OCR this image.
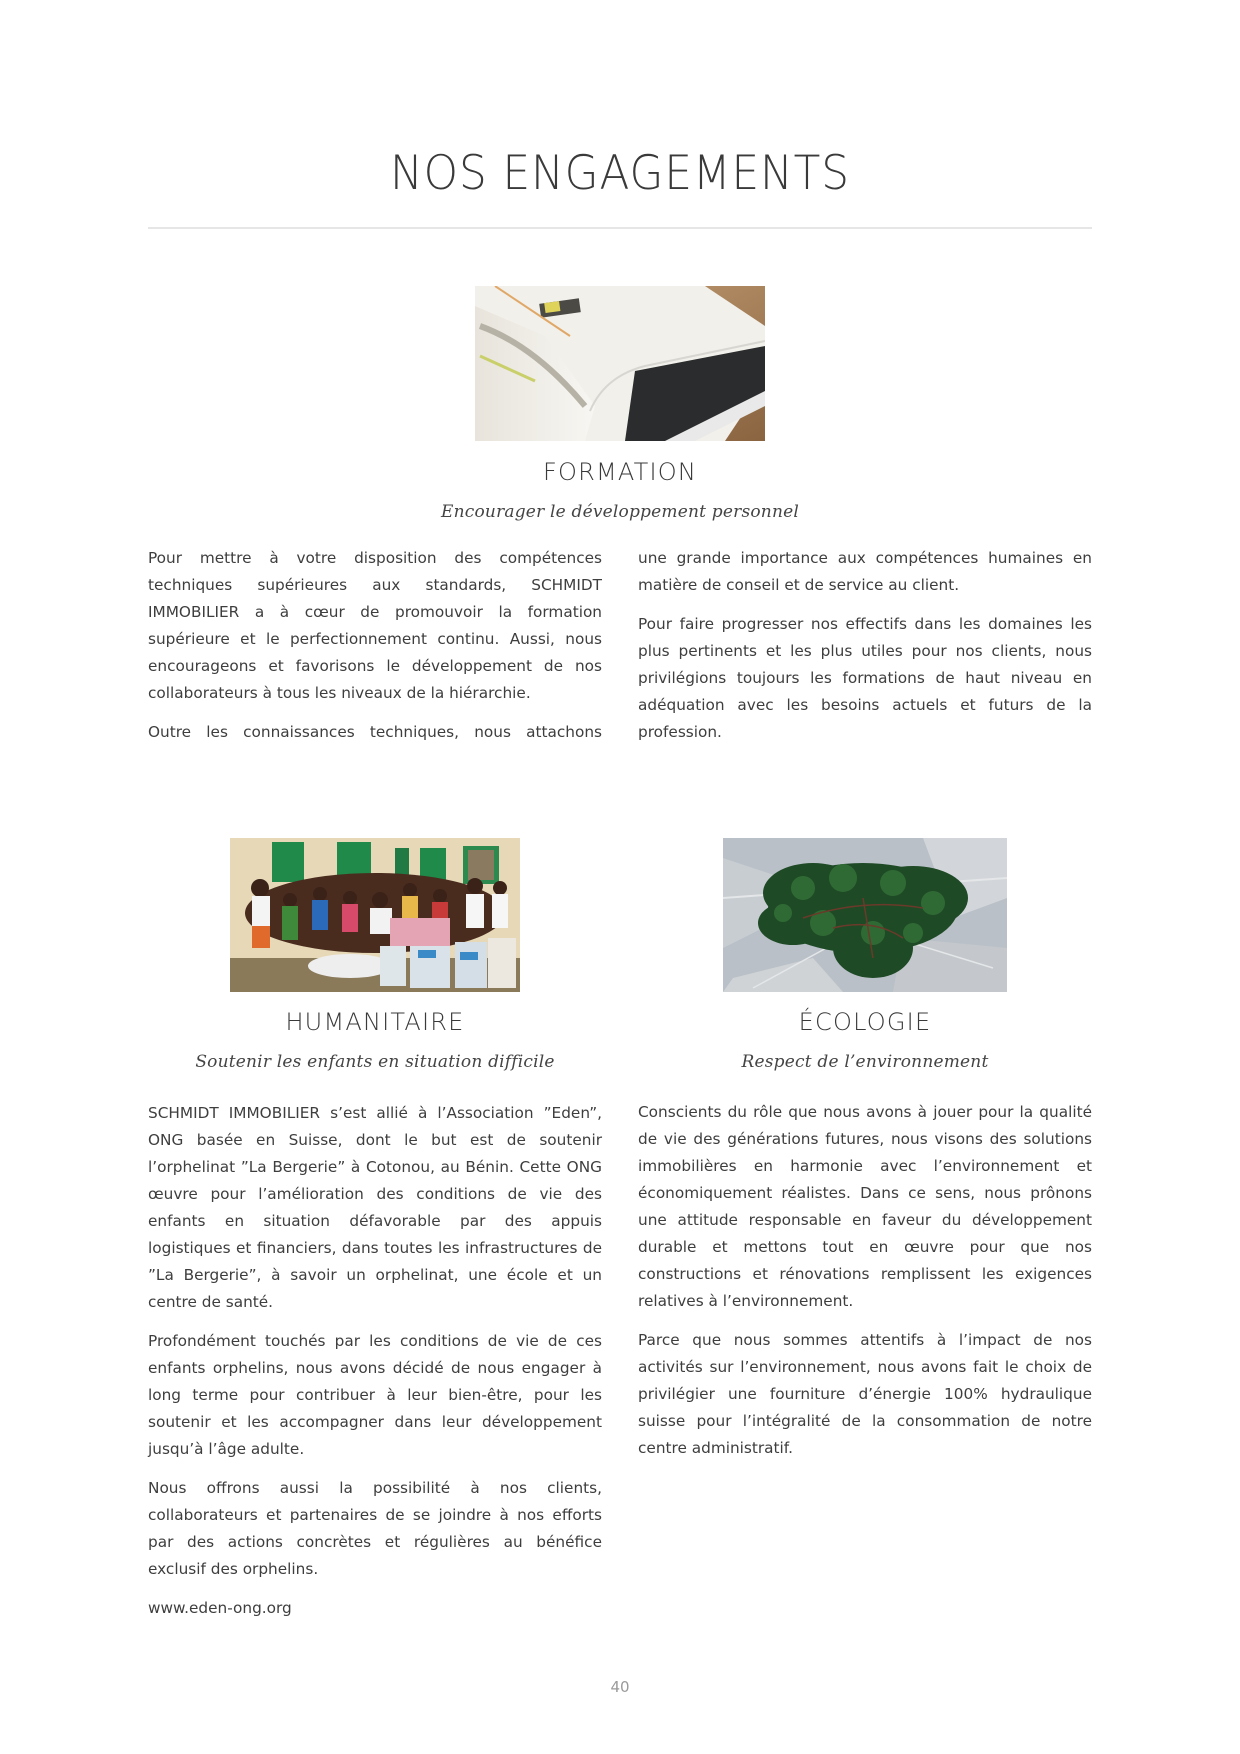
NOS ENGAGEMENTS
FORMATION
Encourager le développement personnel

Pour mettre à votre disposition des compétences techniques supérieures aux standards, SCHMIDT IMMOBILIER a à cœur de promouvoir la formation supérieure et le perfectionnement continu. Aussi, nous encourageons et favorisons le développement de nos collaborateurs à tous les niveaux de la hiérarchie.

Outre les connaissances techniques, nous attachons

une grande importance aux compétences humaines en matière de conseil et de service au client.

Pour faire progresser nos effectifs dans les domaines les plus pertinents et les plus utiles pour nos clients, nous privilégions toujours les formations de haut niveau en adéquation avec les besoins actuels et futurs de la profession.

HUMANITAIRE
Soutenir les enfants en situation difficile

SCHMIDT IMMOBILIER s’est allié à l’Association ”Eden”, ONG basée en Suisse, dont le but est de soutenir l’orphelinat ”La Bergerie” à Cotonou, au Bénin. Cette ONG œuvre pour l’amélioration des conditions de vie des enfants en situation défavorable par des appuis logistiques et financiers, dans toutes les infrastructures de ”La Bergerie”, à savoir un orphelinat, une école et un centre de santé.

Profondément touchés par les conditions de vie de ces enfants orphelins, nous avons décidé de nous engager à long terme pour contribuer à leur bien-être, pour les soutenir et les accompagner dans leur développement jusqu’à l’âge adulte.

Nous offrons aussi la possibilité à nos clients, collaborateurs et partenaires de se joindre à nos efforts par des actions concrètes et régulières au bénéfice exclusif des orphelins.

www.eden-ong.org

ÉCOLOGIE
Respect de l’environnement

Conscients du rôle que nous avons à jouer pour la qualité de vie des générations futures, nous visons des solutions immobilières en harmonie avec l’environnement et économiquement réalistes. Dans ce sens, nous prônons une attitude responsable en faveur du développement durable et mettons tout en œuvre pour que nos constructions et rénovations remplissent les exigences relatives à l’environnement.

Parce que nous sommes attentifs à l’impact de nos activités sur l’environnement, nous avons fait le choix de privilégier une fourniture d’énergie 100% hydraulique suisse pour l’intégralité de la consommation de notre centre administratif.

40
